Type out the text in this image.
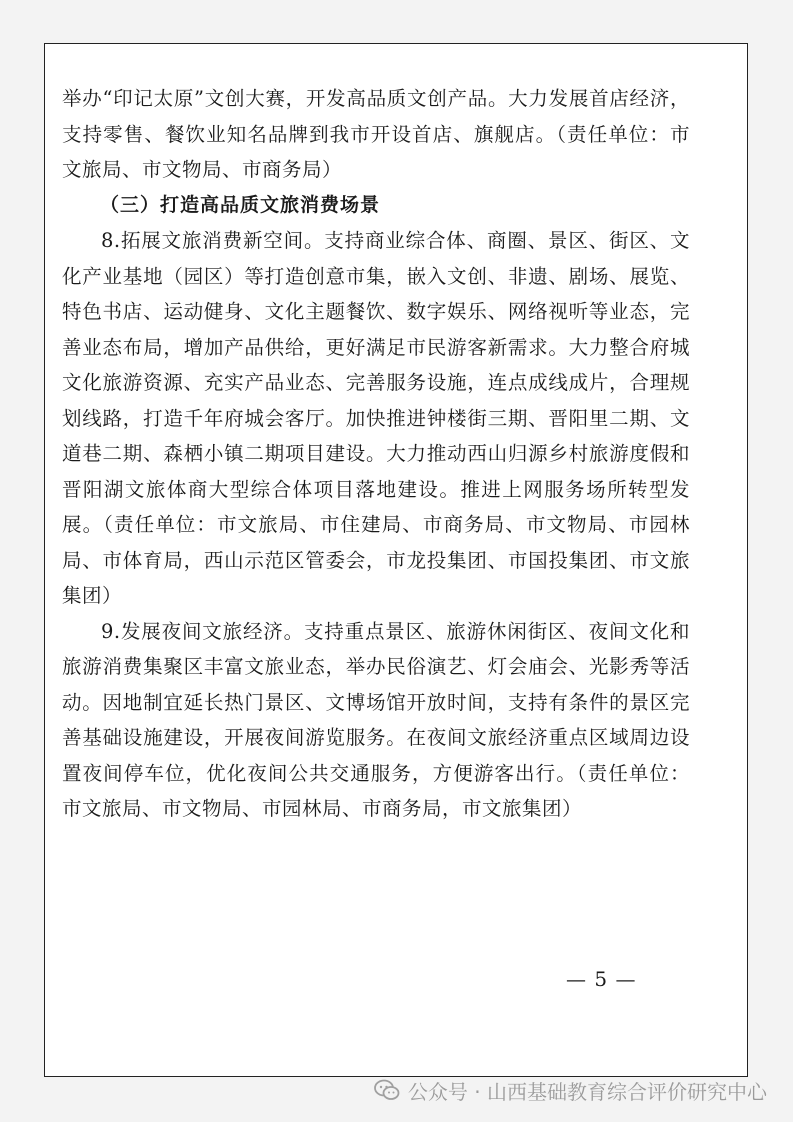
举办“印记太原”文创大赛，开发高品质文创产品。大力发展首店经济，支持零售、餐饮业知名品牌到我市开设首店、旗舰店。（责任单位：市文旅局、市文物局、市商务局）

（三）打造高品质文旅消费场景

8.拓展文旅消费新空间。支持商业综合体、商圈、景区、街区、文化产业基地（园区）等打造创意市集，嵌入文创、非遗、剧场、展览、特色书店、运动健身、文化主题餐饮、数字娱乐、网络视听等业态，完善业态布局，增加产品供给，更好满足市民游客新需求。大力整合府城文化旅游资源、充实产品业态、完善服务设施，连点成线成片，合理规划线路，打造千年府城会客厅。加快推进钟楼街三期、晋阳里二期、文道巷二期、森栖小镇二期项目建设。大力推动西山归源乡村旅游度假和晋阳湖文旅体商大型综合体项目落地建设。推进上网服务场所转型发展。（责任单位：市文旅局、市住建局、市商务局、市文物局、市园林局、市体育局，西山示范区管委会，市龙投集团、市国投集团、市文旅集团）

9.发展夜间文旅经济。支持重点景区、旅游休闲街区、夜间文化和旅游消费集聚区丰富文旅业态，举办民俗演艺、灯会庙会、光影秀等活动。因地制宜延长热门景区、文博场馆开放时间，支持有条件的景区完善基础设施建设，开展夜间游览服务。在夜间文旅经济重点区域周边设置夜间停车位，优化夜间公共交通服务，方便游客出行。（责任单位：市文旅局、市文物局、市园林局、市商务局，市文旅集团）

— 5 —
公众号 · 山西基础教育综合评价研究中心
